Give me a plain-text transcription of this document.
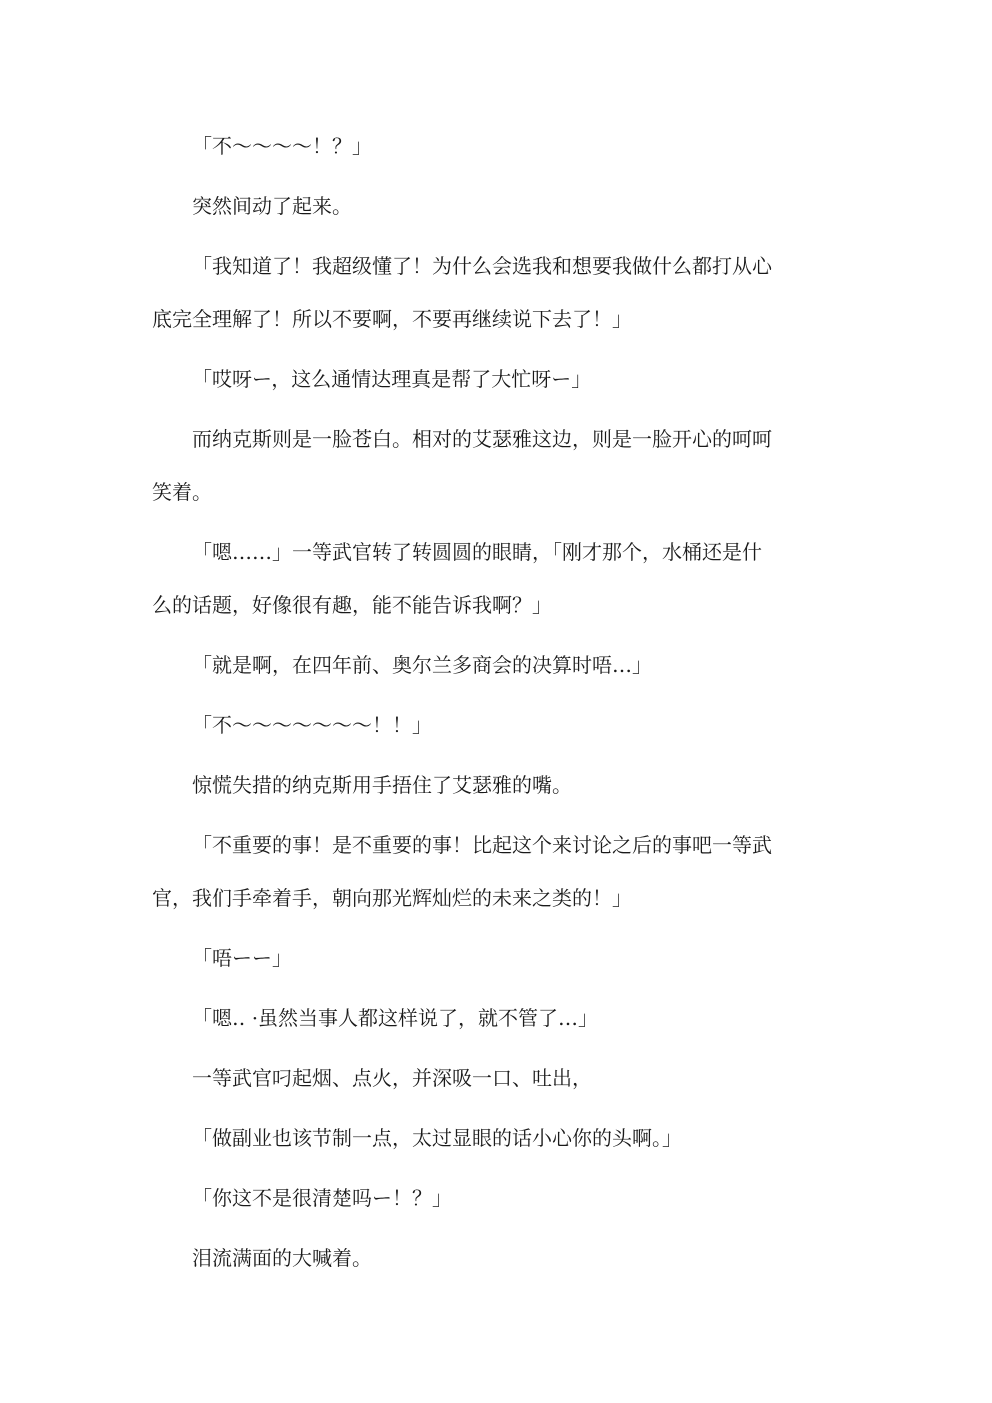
「不～～～～！？」
突然间动了起来。
「我知道了！我超级懂了！为什么会选我和想要我做什么都打从心
底完全理解了！所以不要啊，不要再继续说下去了！」
「哎呀ー，这么通情达理真是帮了大忙呀ー」
而纳克斯则是一脸苍白。相对的艾瑟雅这边，则是一脸开心的呵呵
笑着。
「嗯……」一等武官转了转圆圆的眼睛，「刚才那个，水桶还是什
么的话题，好像很有趣，能不能告诉我啊？」
「就是啊，在四年前、奥尔兰多商会的决算时唔…」
「不～～～～～～～！！」
惊慌失措的纳克斯用手捂住了艾瑟雅的嘴。
「不重要的事！是不重要的事！比起这个来讨论之后的事吧一等武
官，我们手牵着手，朝向那光辉灿烂的未来之类的！」
「唔ーー」
「嗯‥ ·虽然当事人都这样说了，就不管了…」
一等武官叼起烟、点火，并深吸一口、吐出，
「做副业也该节制一点，太过显眼的话小心你的头啊。」
「你这不是很清楚吗ー！？」
泪流满面的大喊着。
